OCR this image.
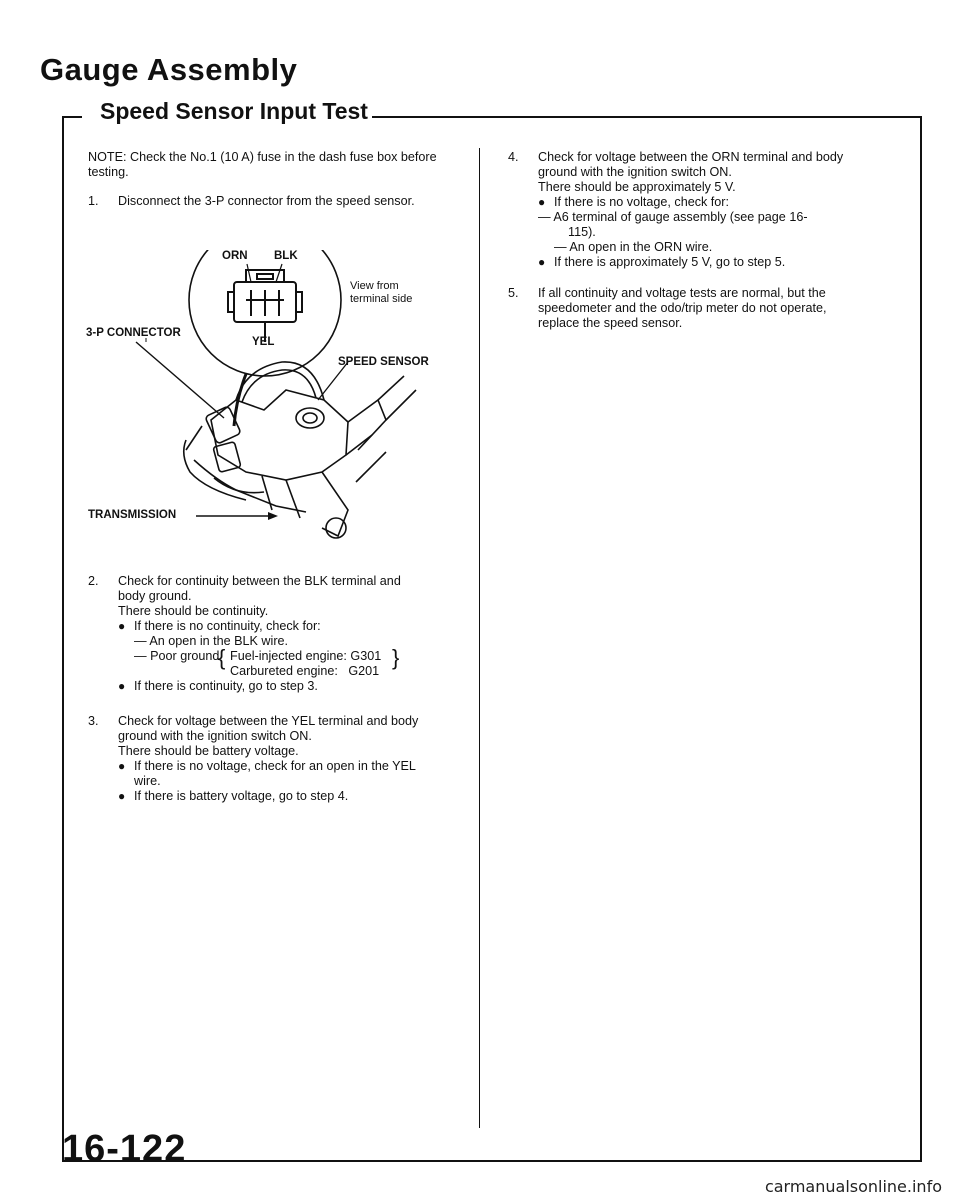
Gauge Assembly
Speed Sensor Input Test
NOTE: Check the No.1 (10 A) fuse in the dash fuse box before testing.
1. Disconnect the 3-P connector from the speed sensor.
ORN BLK
View from
terminal side
3-P CONNECTOR
YEL
SPEED SENSOR
TRANSMISSION
2. Check for continuity between the BLK terminal and
body ground.
There should be continuity.
● If there is no continuity, check for:
— An open in the BLK wire.
— Poor ground
{ Fuel-injected engine: G301
Carbureted engine:   G201
}
● If there is continuity, go to step 3.
3. Check for voltage between the YEL terminal and body
ground with the ignition switch ON.
There should be battery voltage.
● If there is no voltage, check for an open in the YEL
wire.
● If there is battery voltage, go to step 4.
4. Check for voltage between the ORN terminal and body
ground with the ignition switch ON.
There should be approximately 5 V.
● If there is no voltage, check for:
— A6 terminal of gauge assembly (see page 16-
115).
— An open in the ORN wire.
● If there is approximately 5 V, go to step 5.
5. If all continuity and voltage tests are normal, but the
speedometer and the odo/trip meter do not operate,
replace the speed sensor.
16-122
carmanualsonline.info
